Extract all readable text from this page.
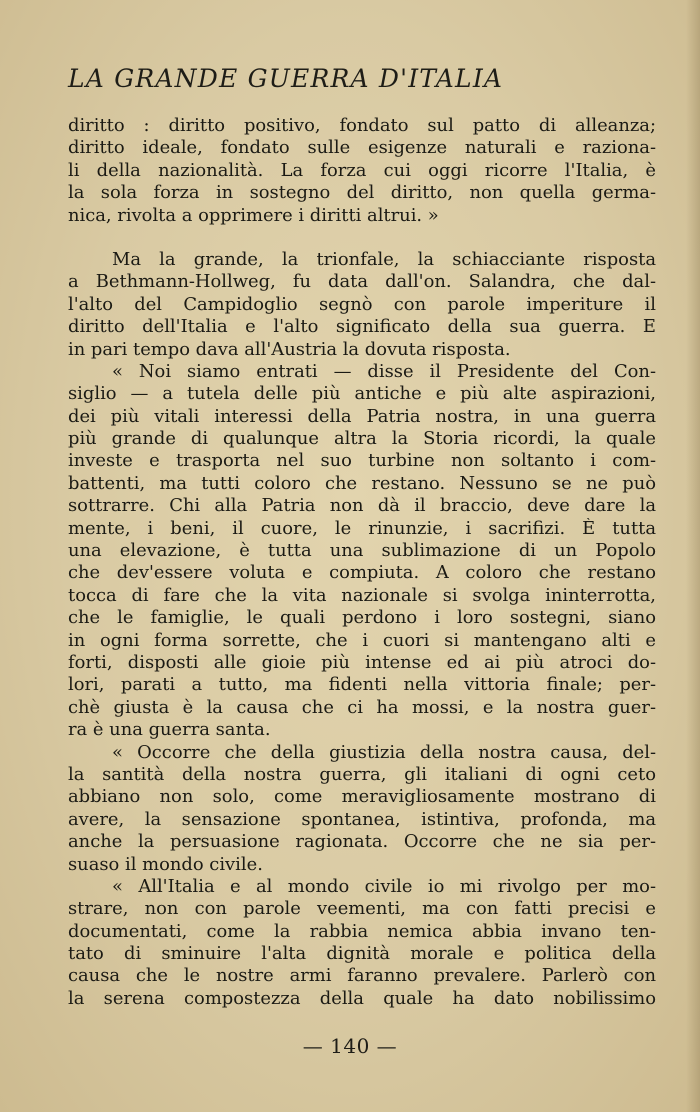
LA GRANDE GUERRA D'ITALIA
diritto : diritto positivo, fondato sul patto di alleanza;
diritto ideale, fondato sulle esigenze naturali e raziona-
li della nazionalità. La forza cui oggi ricorre l'Italia, è
la sola forza in sostegno del diritto, non quella germa-
nica, rivolta a opprimere i diritti altrui. »
Ma la grande, la trionfale, la schiacciante risposta
a Bethmann-Hollweg, fu data dall'on. Salandra, che dal-
l'alto del Campidoglio segnò con parole imperiture il
diritto dell'Italia e l'alto significato della sua guerra. E
in pari tempo dava all'Austria la dovuta risposta.
« Noi siamo entrati — disse il Presidente del Con-
siglio — a tutela delle più antiche e più alte aspirazioni,
dei più vitali interessi della Patria nostra, in una guerra
più grande di qualunque altra la Storia ricordi, la quale
investe e trasporta nel suo turbine non soltanto i com-
battenti, ma tutti coloro che restano. Nessuno se ne può
sottrarre. Chi alla Patria non dà il braccio, deve dare la
mente, i beni, il cuore, le rinunzie, i sacrifizi. È tutta
una elevazione, è tutta una sublimazione di un Popolo
che dev'essere voluta e compiuta. A coloro che restano
tocca di fare che la vita nazionale si svolga ininterrotta,
che le famiglie, le quali perdono i loro sostegni, siano
in ogni forma sorrette, che i cuori si mantengano alti e
forti, disposti alle gioie più intense ed ai più atroci do-
lori, parati a tutto, ma fidenti nella vittoria finale; per-
chè giusta è la causa che ci ha mossi, e la nostra guer-
ra è una guerra santa.
« Occorre che della giustizia della nostra causa, del-
la santità della nostra guerra, gli italiani di ogni ceto
abbiano non solo, come meravigliosamente mostrano di
avere, la sensazione spontanea, istintiva, profonda, ma
anche la persuasione ragionata. Occorre che ne sia per-
suaso il mondo civile.
« All'Italia e al mondo civile io mi rivolgo per mo-
strare, non con parole veementi, ma con fatti precisi e
documentati, come la rabbia nemica abbia invano ten-
tato di sminuire l'alta dignità morale e politica della
causa che le nostre armi faranno prevalere. Parlerò con
la serena compostezza della quale ha dato nobilissimo
— 140 —
